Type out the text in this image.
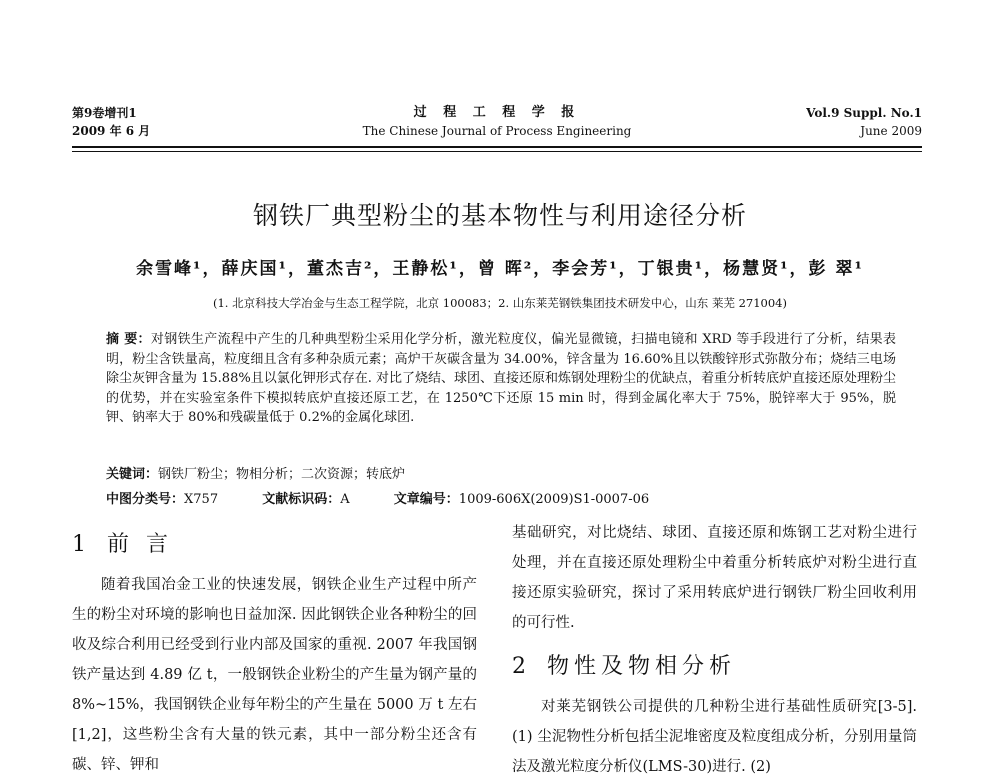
第9卷增刊1
2009 年 6 月
过 程 工 程 学 报
The Chinese Journal of Process Engineering
Vol.9 Suppl. No.1
June 2009
钢铁厂典型粉尘的基本物性与利用途径分析
余雪峰¹，薛庆国¹，董杰吉²，王静松¹，曾 晖²，李会芳¹，丁银贵¹，杨慧贤¹，彭 翠¹
(1. 北京科技大学冶金与生态工程学院，北京 100083；2. 山东莱芜钢铁集团技术研发中心，山东 莱芜 271004)
摘 要：对钢铁生产流程中产生的几种典型粉尘采用化学分析，激光粒度仪，偏光显微镜，扫描电镜和 XRD 等手段进行了分析，结果表明，粉尘含铁量高，粒度细且含有多种杂质元素；高炉干灰碳含量为 34.00%，锌含量为 16.60%且以铁酸锌形式弥散分布；烧结三电场除尘灰钾含量为 15.88%且以氯化钾形式存在. 对比了烧结、球团、直接还原和炼钢处理粉尘的优缺点，着重分析转底炉直接还原处理粉尘的优势，并在实验室条件下模拟转底炉直接还原工艺，在 1250℃下还原 15 min 时，得到金属化率大于 75%，脱锌率大于 95%，脱钾、钠率大于 80%和残碳量低于 0.2%的金属化球团.
关键词：钢铁厂粉尘；物相分析；二次资源；转底炉
中图分类号：X757	文献标识码：A	文章编号：1009-606X(2009)S1-0007-06
1 前 言
随着我国冶金工业的快速发展，钢铁企业生产过程中所产生的粉尘对环境的影响也日益加深. 因此钢铁企业各种粉尘的回收及综合利用已经受到行业内部及国家的重视. 2007 年我国钢铁产量达到 4.89 亿 t，一般钢铁企业粉尘的产生量为钢产量的 8%~15%，我国钢铁企业每年粉尘的产生量在 5000 万 t 左右[1,2]，这些粉尘含有大量的铁元素，其中一部分粉尘还含有碳、锌、钾和
基础研究，对比烧结、球团、直接还原和炼钢工艺对粉尘进行处理，并在直接还原处理粉尘中着重分析转底炉对粉尘进行直接还原实验研究，探讨了采用转底炉进行钢铁厂粉尘回收利用的可行性.
2 物性及物相分析
对莱芜钢铁公司提供的几种粉尘进行基础性质研究[3-5]. (1) 尘泥物性分析包括尘泥堆密度及粒度组成分析，分别用量筒法及激光粒度分析仪(LMS-30)进行. (2)
